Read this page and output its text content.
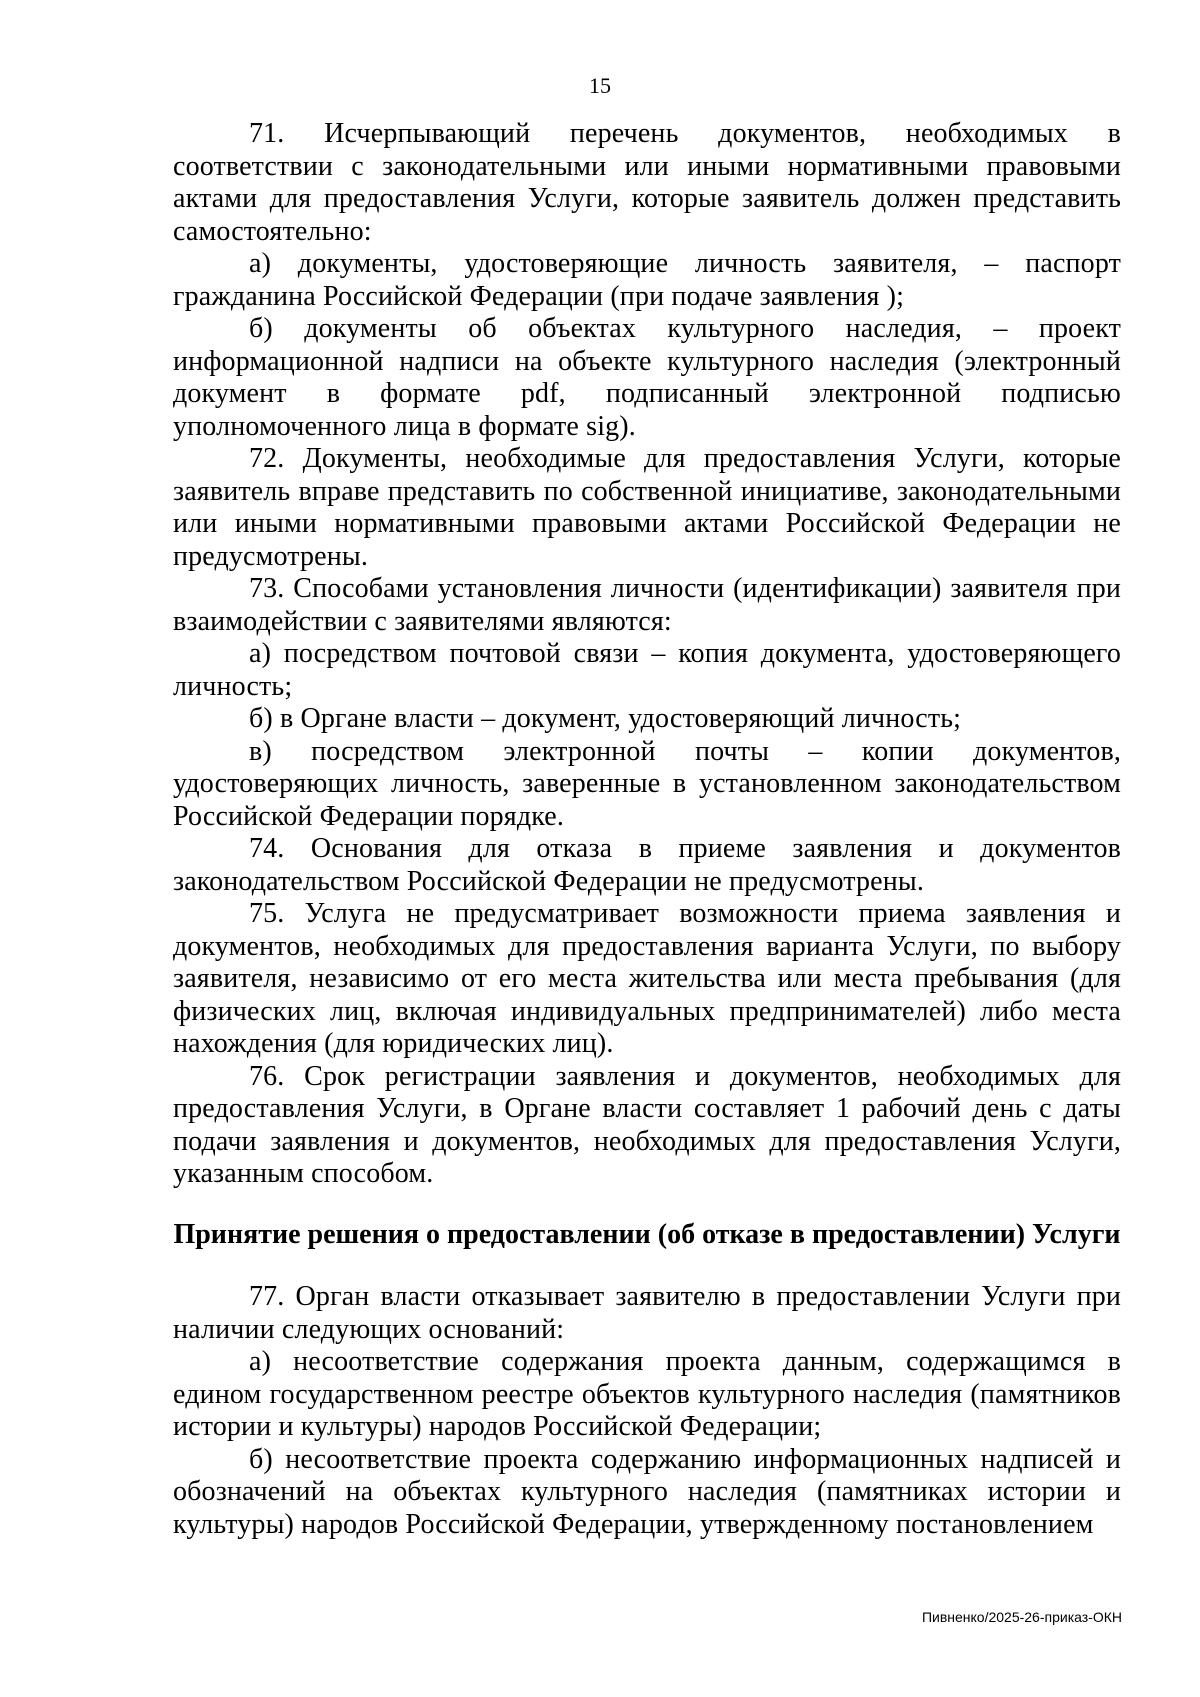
15

71. Исчерпывающий перечень документов, необходимых в соответствии с законодательными или иными нормативными правовыми актами для предоставления Услуги, которые заявитель должен представить самостоятельно:

а) документы, удостоверяющие личность заявителя, – паспорт гражданина Российской Федерации (при подаче заявления );

б) документы об объектах культурного наследия, – проект информационной надписи на объекте культурного наследия (электронный документ в формате pdf, подписанный электронной подписью уполномоченного лица в формате sig).

72. Документы, необходимые для предоставления Услуги, которые заявитель вправе представить по собственной инициативе, законодательными или иными нормативными правовыми актами Российской Федерации не предусмотрены.

73. Способами установления личности (идентификации) заявителя при взаимодействии с заявителями являются:

а) посредством почтовой связи – копия документа, удостоверяющего личность;

б) в Органе власти – документ, удостоверяющий личность;

в) посредством электронной почты – копии документов, удостоверяющих личность, заверенные в установленном законодательством Российской Федерации порядке.

74. Основания для отказа в приеме заявления и документов законодательством Российской Федерации не предусмотрены.

75. Услуга не предусматривает возможности приема заявления и документов, необходимых для предоставления варианта Услуги, по выбору заявителя, независимо от его места жительства или места пребывания (для физических лиц, включая индивидуальных предпринимателей) либо места нахождения (для юридических лиц).

76. Срок регистрации заявления и документов, необходимых для предоставления Услуги, в Органе власти составляет 1 рабочий день с даты подачи заявления и документов, необходимых для предоставления Услуги, указанным способом.

Принятие решения о предоставлении (об отказе в предоставлении) Услуги

77. Орган власти отказывает заявителю в предоставлении Услуги при наличии следующих оснований:

а) несоответствие содержания проекта данным, содержащимся в едином государственном реестре объектов культурного наследия (памятников истории и культуры) народов Российской Федерации;

б) несоответствие проекта содержанию информационных надписей и обозначений на объектах культурного наследия (памятниках истории и культуры) народов Российской Федерации, утвержденному постановлением

Пивненко/2025-26-приказ-ОКН
